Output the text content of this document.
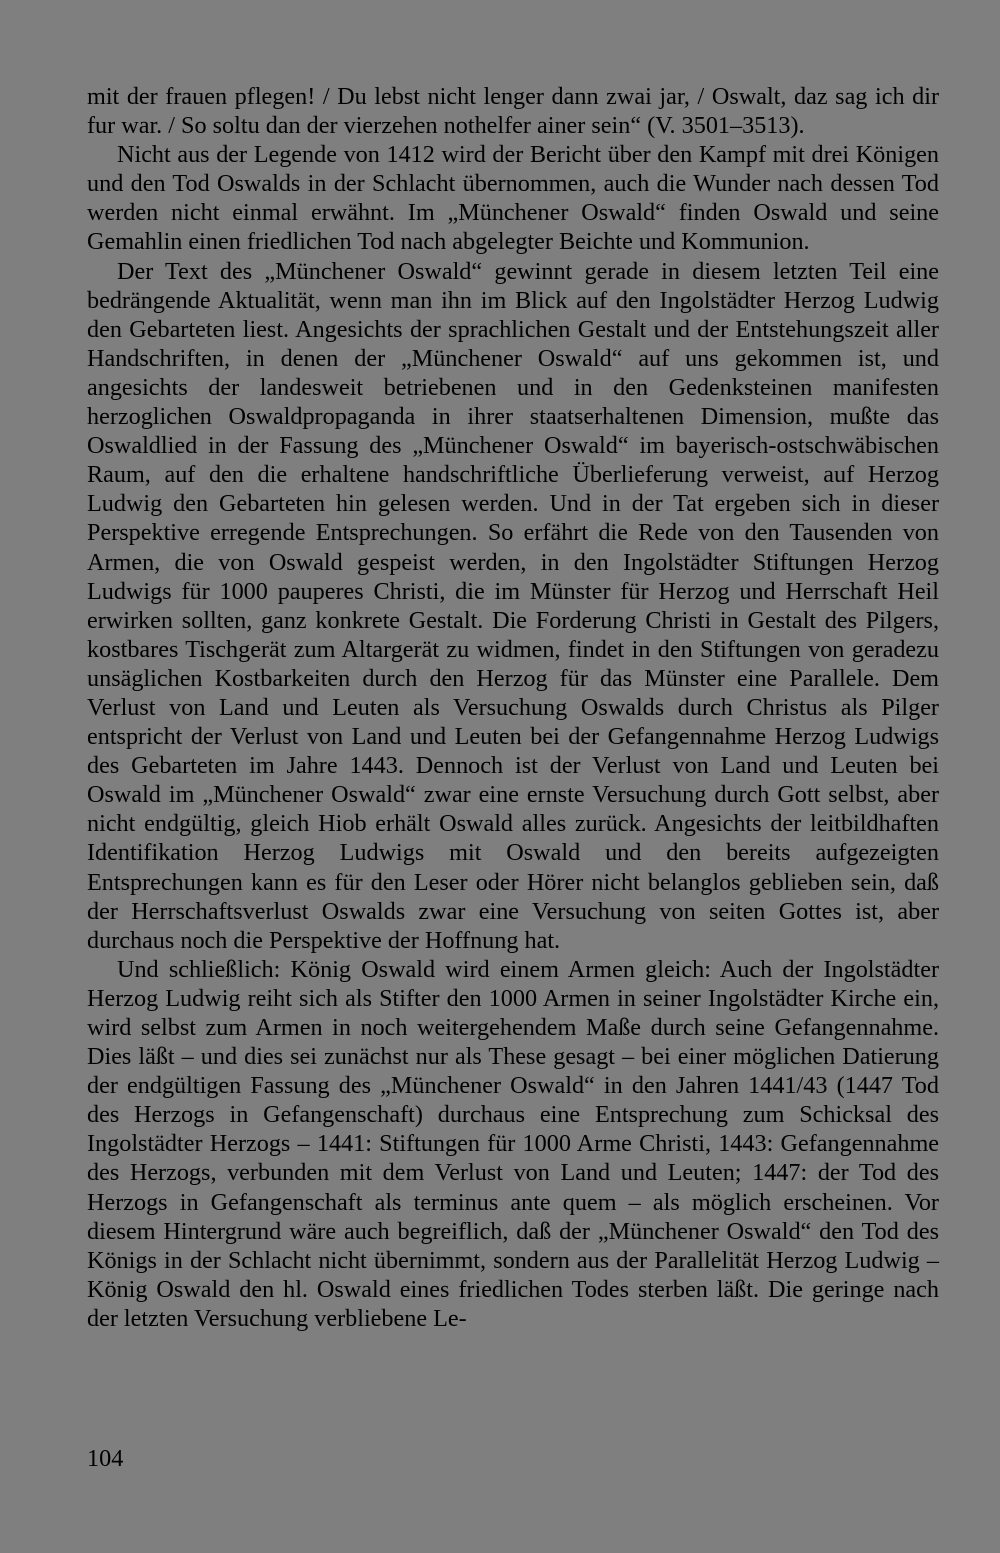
mit der frauen pflegen! / Du lebst nicht lenger dann zwai jar, / Oswalt, daz sag ich dir fur war. / So soltu dan der vierzehen nothelfer ainer sein“ (V. 3501–3513).

Nicht aus der Legende von 1412 wird der Bericht über den Kampf mit drei Königen und den Tod Oswalds in der Schlacht übernommen, auch die Wunder nach dessen Tod werden nicht einmal erwähnt. Im „Münchener Oswald“ finden Oswald und seine Gemahlin einen friedlichen Tod nach abgelegter Beichte und Kommunion.

Der Text des „Münchener Oswald“ gewinnt gerade in diesem letzten Teil eine bedrängende Aktualität, wenn man ihn im Blick auf den Ingolstädter Herzog Ludwig den Gebarteten liest. Angesichts der sprachlichen Gestalt und der Entstehungszeit aller Handschriften, in denen der „Münchener Oswald“ auf uns gekommen ist, und angesichts der landesweit betriebenen und in den Gedenksteinen manifesten herzoglichen Oswaldpropaganda in ihrer staatserhaltenen Dimension, mußte das Oswaldlied in der Fassung des „Münchener Oswald“ im bayerisch-ostschwäbischen Raum, auf den die erhaltene handschriftliche Überlieferung verweist, auf Herzog Ludwig den Gebarteten hin gelesen werden. Und in der Tat ergeben sich in dieser Perspektive erregende Entsprechungen. So erfährt die Rede von den Tausenden von Armen, die von Oswald gespeist werden, in den Ingolstädter Stiftungen Herzog Ludwigs für 1000 pauperes Christi, die im Münster für Herzog und Herrschaft Heil erwirken sollten, ganz konkrete Gestalt. Die Forderung Christi in Gestalt des Pilgers, kostbares Tischgerät zum Altargerät zu widmen, findet in den Stiftungen von geradezu unsäglichen Kostbarkeiten durch den Herzog für das Münster eine Parallele. Dem Verlust von Land und Leuten als Versuchung Oswalds durch Christus als Pilger entspricht der Verlust von Land und Leuten bei der Gefangennahme Herzog Ludwigs des Gebarteten im Jahre 1443. Dennoch ist der Verlust von Land und Leuten bei Oswald im „Münchener Oswald“ zwar eine ernste Versuchung durch Gott selbst, aber nicht endgültig, gleich Hiob erhält Oswald alles zurück. Angesichts der leitbildhaften Identifikation Herzog Ludwigs mit Oswald und den bereits aufgezeigten Entsprechungen kann es für den Leser oder Hörer nicht belanglos geblieben sein, daß der Herrschaftsverlust Oswalds zwar eine Versuchung von seiten Gottes ist, aber durchaus noch die Perspektive der Hoffnung hat.

Und schließlich: König Oswald wird einem Armen gleich: Auch der Ingolstädter Herzog Ludwig reiht sich als Stifter den 1000 Armen in seiner Ingolstädter Kirche ein, wird selbst zum Armen in noch weitergehendem Maße durch seine Gefangennahme. Dies läßt – und dies sei zunächst nur als These gesagt – bei einer möglichen Datierung der endgültigen Fassung des „Münchener Oswald“ in den Jahren 1441/43 (1447 Tod des Herzogs in Gefangenschaft) durchaus eine Entsprechung zum Schicksal des Ingolstädter Herzogs – 1441: Stiftungen für 1000 Arme Christi, 1443: Gefangennahme des Herzogs, verbunden mit dem Verlust von Land und Leuten; 1447: der Tod des Herzogs in Gefangenschaft als terminus ante quem – als möglich erscheinen. Vor diesem Hintergrund wäre auch begreiflich, daß der „Münchener Oswald“ den Tod des Königs in der Schlacht nicht übernimmt, sondern aus der Parallelität Herzog Ludwig – König Oswald den hl. Oswald eines friedlichen Todes sterben läßt. Die geringe nach der letzten Versuchung verbliebene Le-

104
